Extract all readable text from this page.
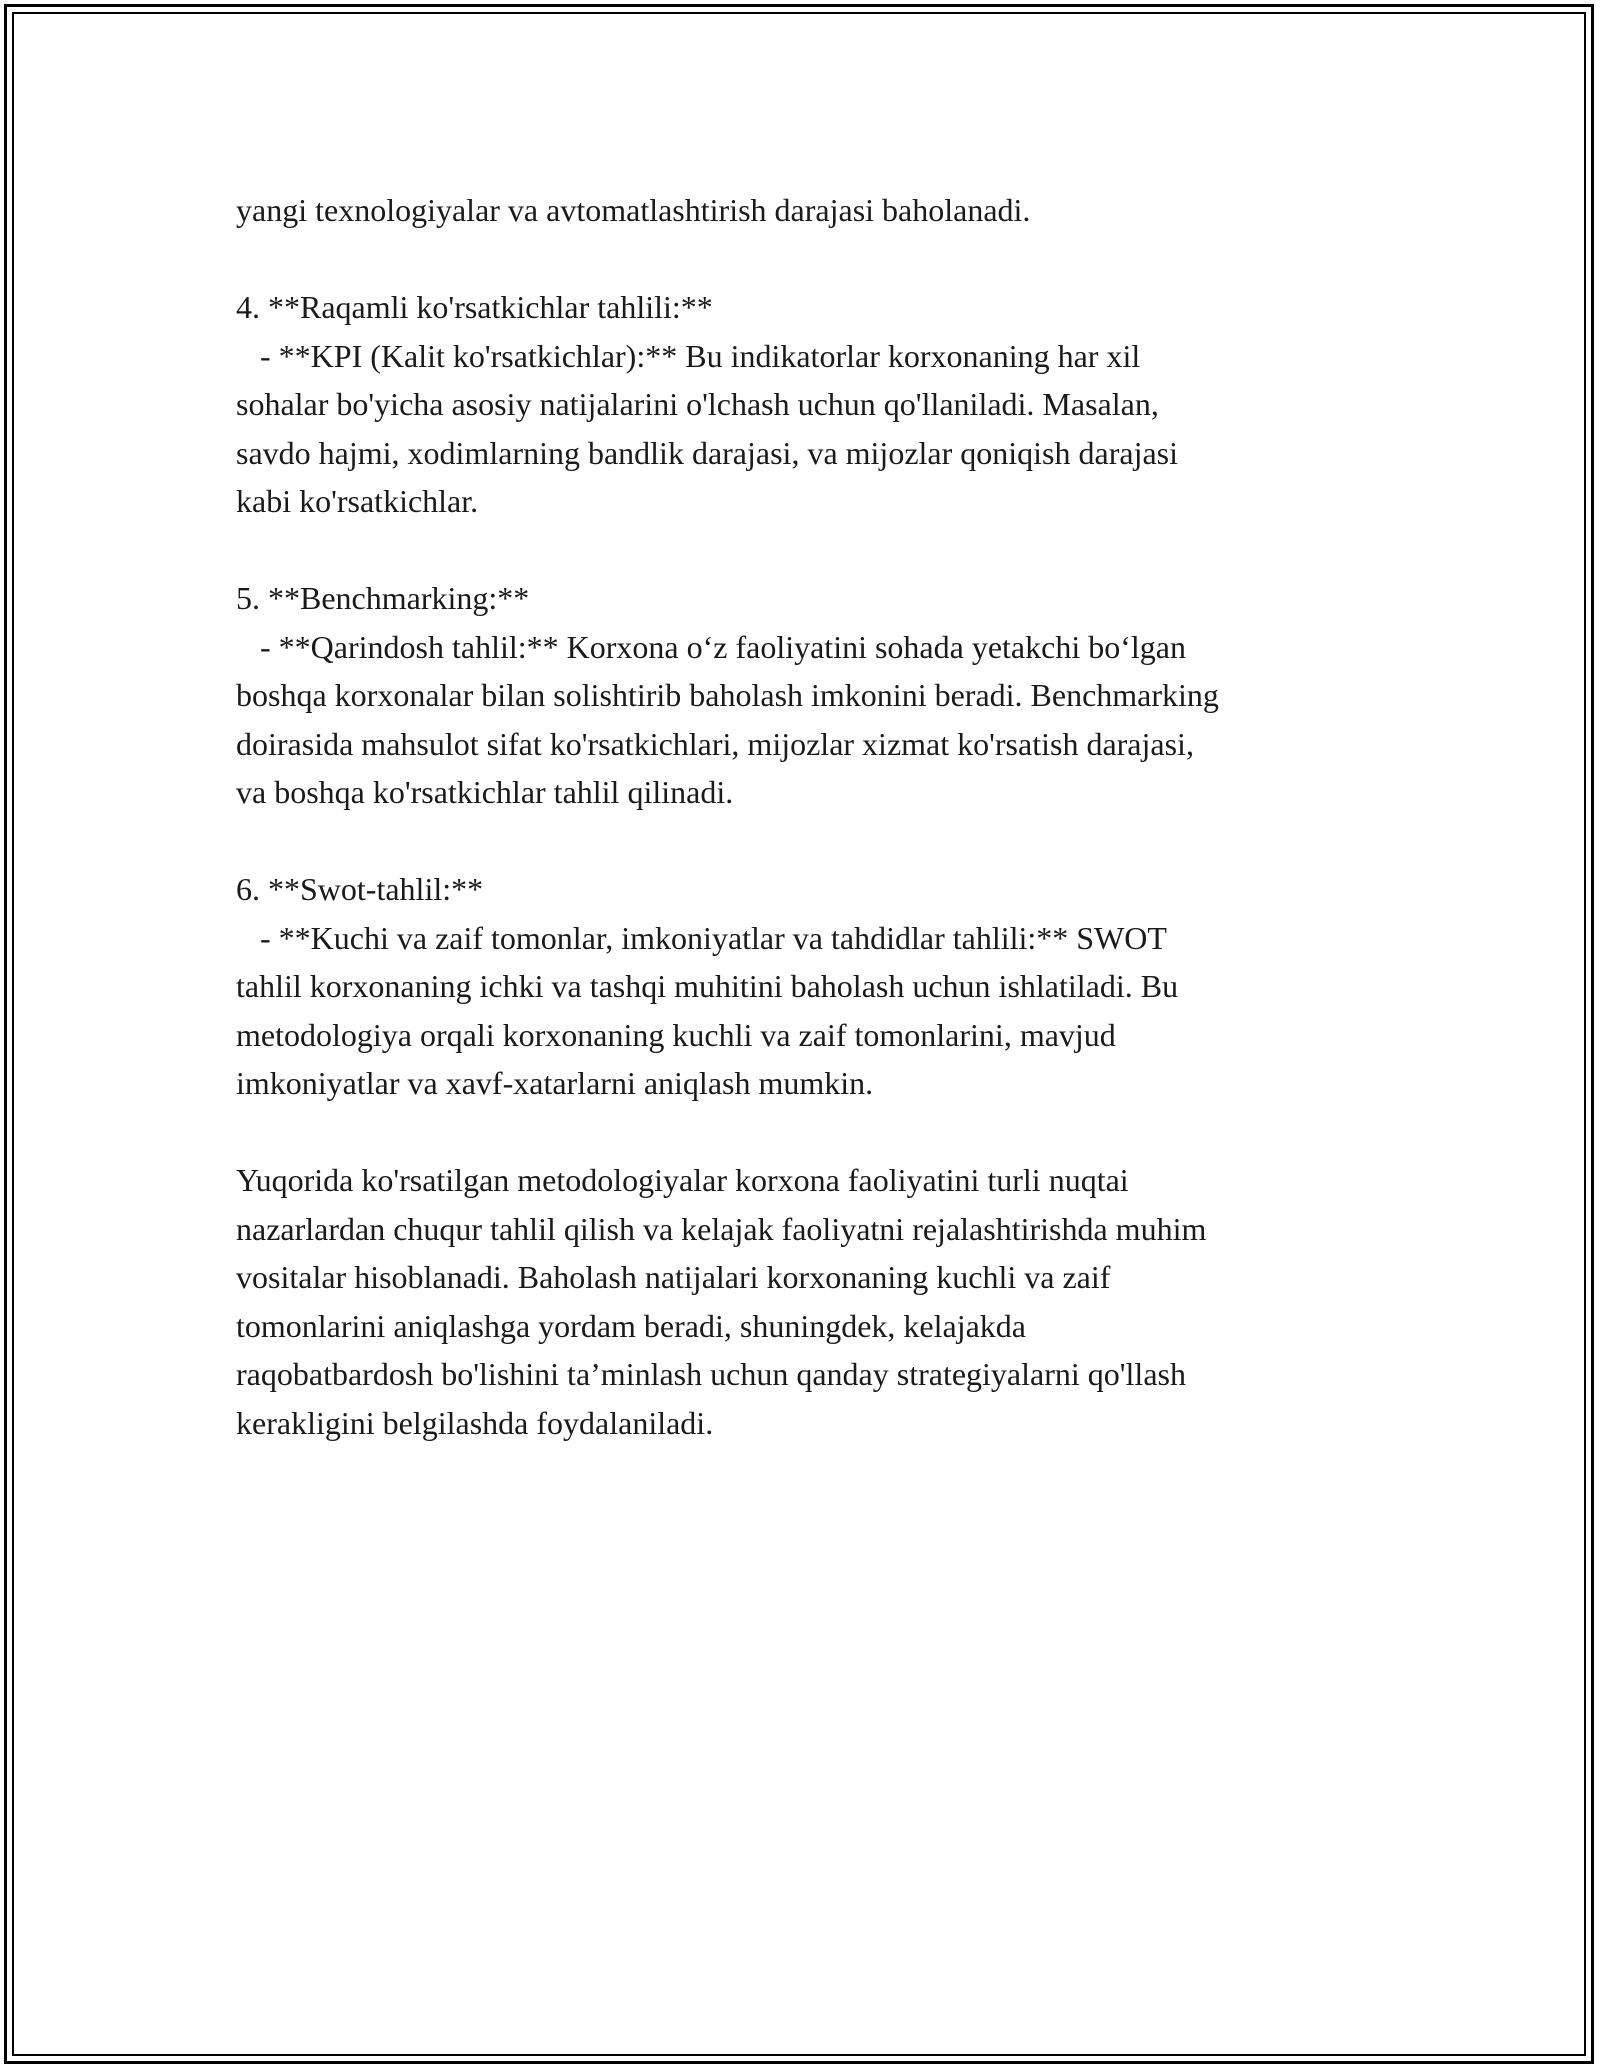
yangi texnologiyalar va avtomatlashtirish darajasi baholanadi.

4. **Raqamli ko'rsatkichlar tahlili:**
- **KPI (Kalit ko'rsatkichlar):** Bu indikatorlar korxonaning har xil
sohalar bo'yicha asosiy natijalarini o'lchash uchun qo'llaniladi. Masalan,
savdo hajmi, xodimlarning bandlik darajasi, va mijozlar qoniqish darajasi
kabi ko'rsatkichlar.

5. **Benchmarking:**
- **Qarindosh tahlil:** Korxona o‘z faoliyatini sohada yetakchi bo‘lgan
boshqa korxonalar bilan solishtirib baholash imkonini beradi. Benchmarking
doirasida mahsulot sifat ko'rsatkichlari, mijozlar xizmat ko'rsatish darajasi,
va boshqa ko'rsatkichlar tahlil qilinadi.

6. **Swot-tahlil:**
- **Kuchi va zaif tomonlar, imkoniyatlar va tahdidlar tahlili:** SWOT
tahlil korxonaning ichki va tashqi muhitini baholash uchun ishlatiladi. Bu
metodologiya orqali korxonaning kuchli va zaif tomonlarini, mavjud
imkoniyatlar va xavf-xatarlarni aniqlash mumkin.

Yuqorida ko'rsatilgan metodologiyalar korxona faoliyatini turli nuqtai
nazarlardan chuqur tahlil qilish va kelajak faoliyatni rejalashtirishda muhim
vositalar hisoblanadi. Baholash natijalari korxonaning kuchli va zaif
tomonlarini aniqlashga yordam beradi, shuningdek, kelajakda
raqobatbardosh bo'lishini ta’minlash uchun qanday strategiyalarni qo'llash
kerakligini belgilashda foydalaniladi.
